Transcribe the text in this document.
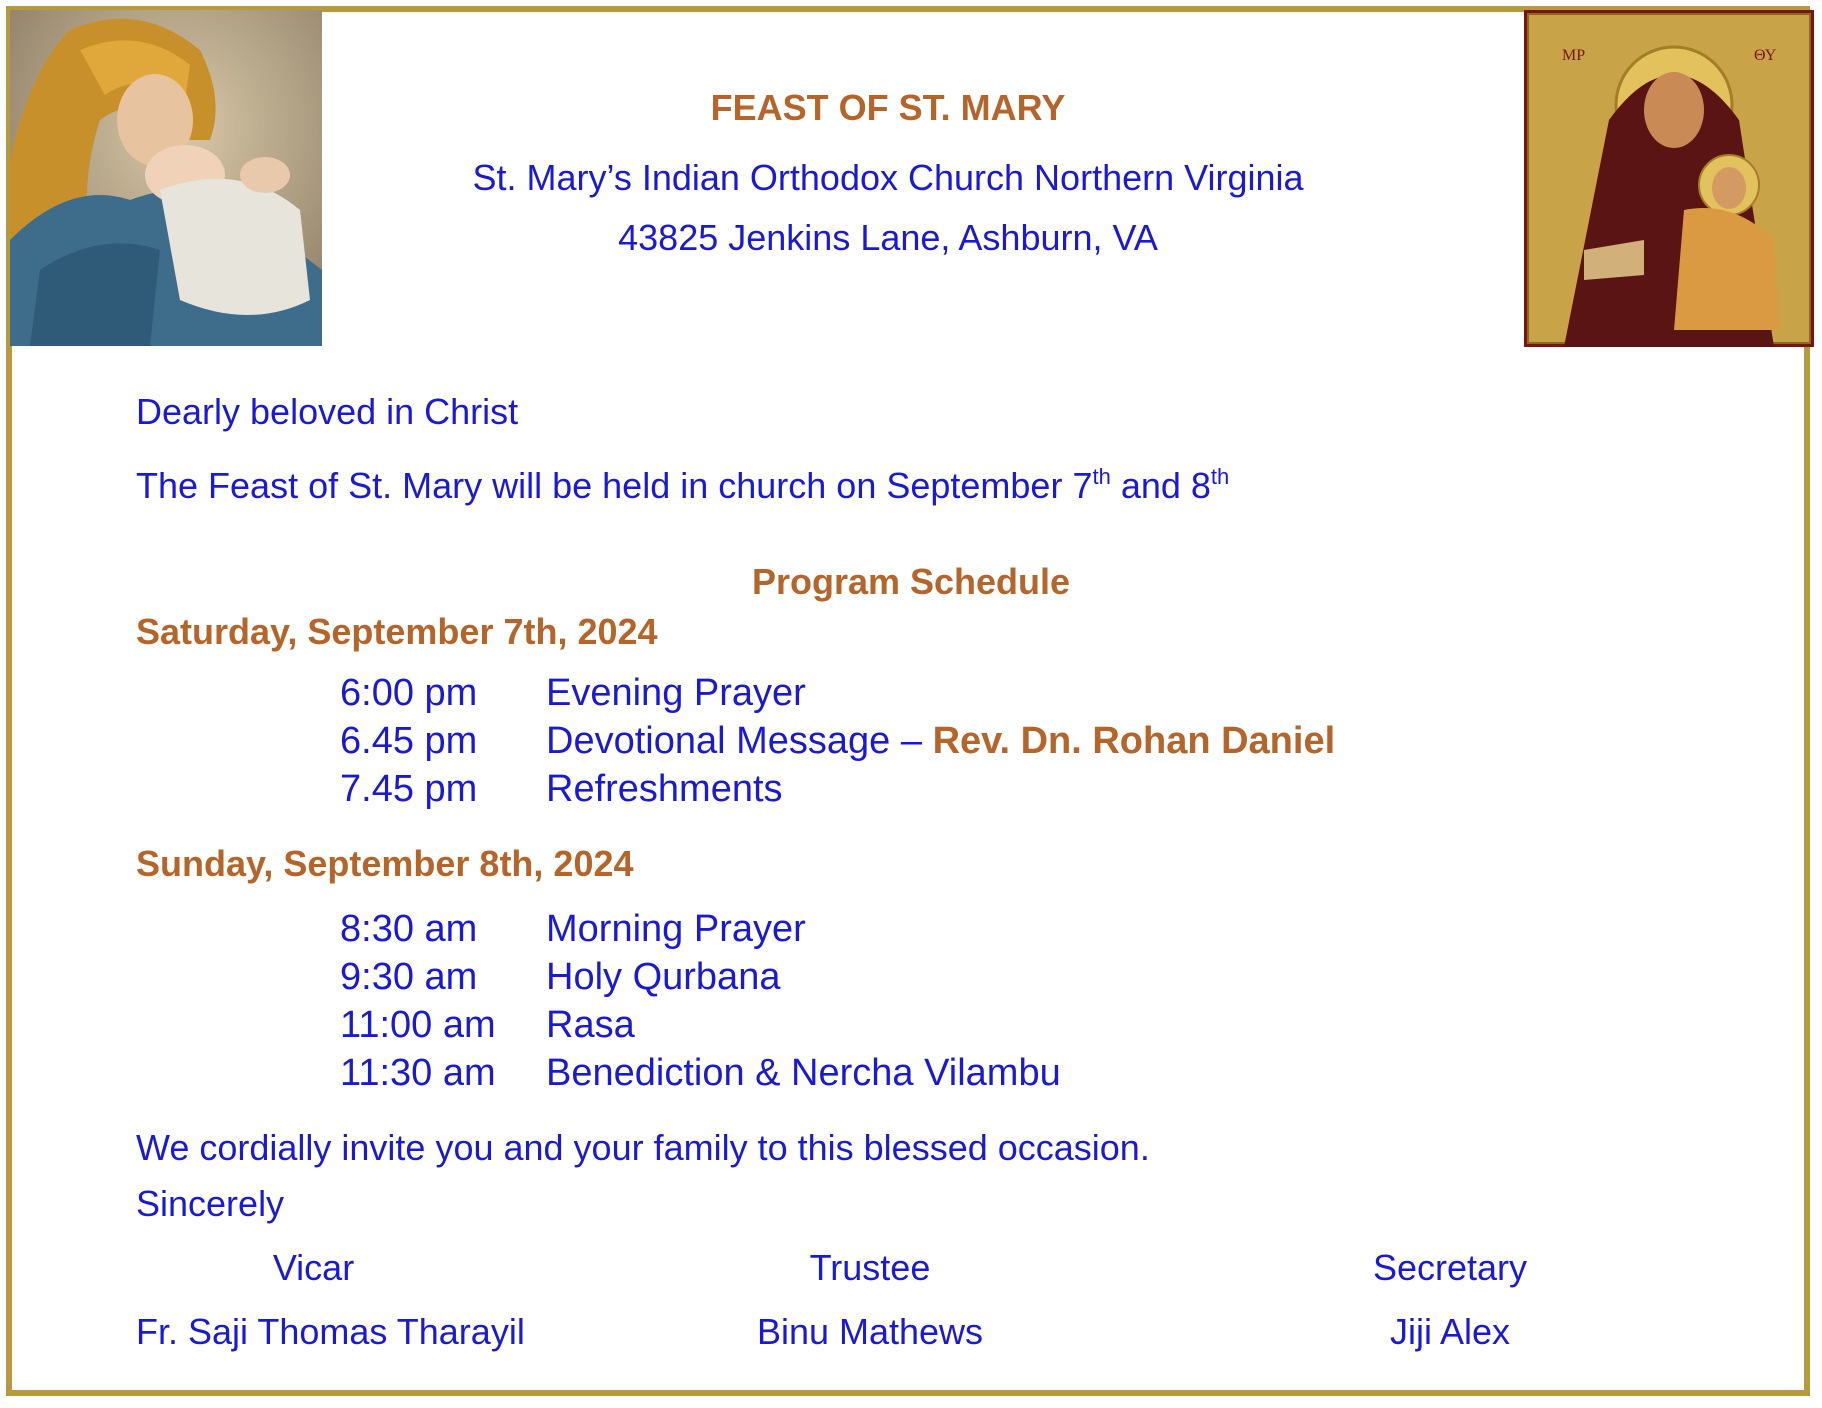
ΜΡ	ΘΥ
FEAST OF ST. MARY
St. Mary’s Indian Orthodox Church Northern Virginia
43825 Jenkins Lane, Ashburn, VA
Dearly beloved in Christ
The Feast of St. Mary will be held in church on September 7th and 8th
Program Schedule
Saturday, September 7th, 2024
6:00 pm Evening Prayer
6.45 pm Devotional Message – Rev. Dn. Rohan Daniel
7.45 pm Refreshments
Sunday, September 8th, 2024
8:30 am Morning Prayer
9:30 am Holy Qurbana
11:00 am Rasa
11:30 am Benediction & Nercha Vilambu
We cordially invite you and your family to this blessed occasion.
Sincerely
Vicar
Fr. Saji Thomas Tharayil
Trustee
Binu Mathews
Secretary
Jiji Alex
